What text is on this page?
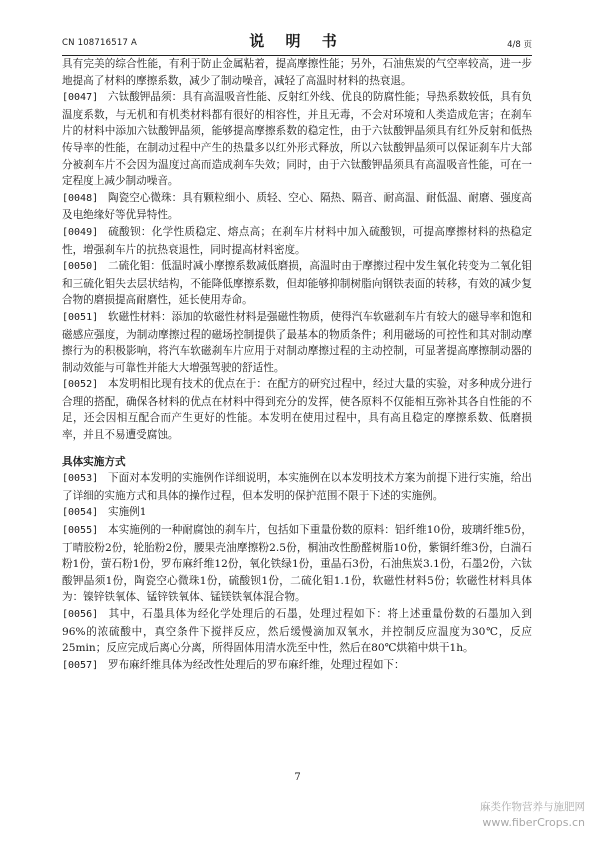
CN 108716517 A	说 明 书	4/8 页

具有完美的综合性能，有利于防止金属粘着，提高摩擦性能；另外，石油焦炭的气空率较高，进一步地提高了材料的摩擦系数，减少了制动噪音，减轻了高温时材料的热衰退。

[0047] 六钛酸钾晶须：具有高温吸音性能、反射红外线、优良的防腐性能；导热系数较低，具有负温度系数，与无机和有机类材料都有很好的相容性，并且无毒，不会对环境和人类造成危害；在刹车片的材料中添加六钛酸钾晶须，能够提高摩擦系数的稳定性，由于六钛酸钾晶须具有红外反射和低热传导率的性能，在制动过程中产生的热量多以红外形式释放，所以六钛酸钾晶须可以保证刹车片大部分被刹车片不会因为温度过高而造成刹车失效；同时，由于六钛酸钾晶须具有高温吸音性能，可在一定程度上减少制动噪音。

[0048] 陶瓷空心微珠：具有颗粒细小、质轻、空心、隔热、隔音、耐高温、耐低温、耐磨、强度高及电绝缘好等优异特性。

[0049] 硫酸钡：化学性质稳定、熔点高；在刹车片材料中加入硫酸钡，可提高摩擦材料的热稳定性，增强刹车片的抗热衰退性，同时提高材料密度。

[0050] 二硫化钼：低温时减小摩擦系数减低磨损，高温时由于摩擦过程中发生氧化转变为二氧化钼和三硫化钼失去层状结构，不能降低摩擦系数，但却能够抑制树脂向钢铁表面的转移，有效的减少复合物的磨损提高耐磨性，延长使用寿命。

[0051] 软磁性材料：添加的软磁性材料是强磁性物质，使得汽车软磁刹车片有较大的磁导率和饱和磁感应强度，为制动摩擦过程的磁场控制提供了最基本的物质条件；利用磁场的可控性和其对制动摩擦行为的积极影响，将汽车软磁刹车片应用于对制动摩擦过程的主动控制，可显著提高摩擦制动器的制动效能与可靠性并能大大增强驾驶的舒适性。

[0052] 本发明相比现有技术的优点在于：在配方的研究过程中，经过大量的实验，对多种成分进行合理的搭配，确保各材料的优点在材料中得到充分的发挥，使各原料不仅能相互弥补其各自性能的不足，还会因相互配合而产生更好的性能。本发明在使用过程中，具有高且稳定的摩擦系数、低磨损率，并且不易遭受腐蚀。

具体实施方式

[0053] 下面对本发明的实施例作详细说明，本实施例在以本发明技术方案为前提下进行实施，给出了详细的实施方式和具体的操作过程，但本发明的保护范围不限于下述的实施例。

[0054] 实施例1

[0055] 本实施例的一种耐腐蚀的刹车片，包括如下重量份数的原料：铝纤维10份，玻璃纤维5份，丁晴胶粉2份，轮胎粉2份，腰果壳油摩擦粉2.5份，桐油改性酚醛树脂10份，紫铜纤维3份，白湍石粉1份，萤石粉1份，罗布麻纤维12份，氧化铁绿1份，重晶石3份，石油焦炭3.1份，石墨2份，六钛酸钾晶须1份，陶瓷空心微珠1份，硫酸钡1份，二硫化钼1.1份，软磁性材料5份；软磁性材料具体为：镍锌铁氧体、锰锌铁氧体、锰镁铁氧体混合物。

[0056] 其中，石墨具体为经化学处理后的石墨，处理过程如下：将上述重量份数的石墨加入到96%的浓硫酸中，真空条件下搅拌反应，然后缓慢滴加双氧水，并控制反应温度为30℃，反应25min；反应完成后离心分离，所得固体用清水洗至中性，然后在80℃烘箱中烘干1h。

[0057] 罗布麻纤维具体为经改性处理后的罗布麻纤维，处理过程如下：

7
麻类作物营养与施肥网
www.fiberCrops.cn
